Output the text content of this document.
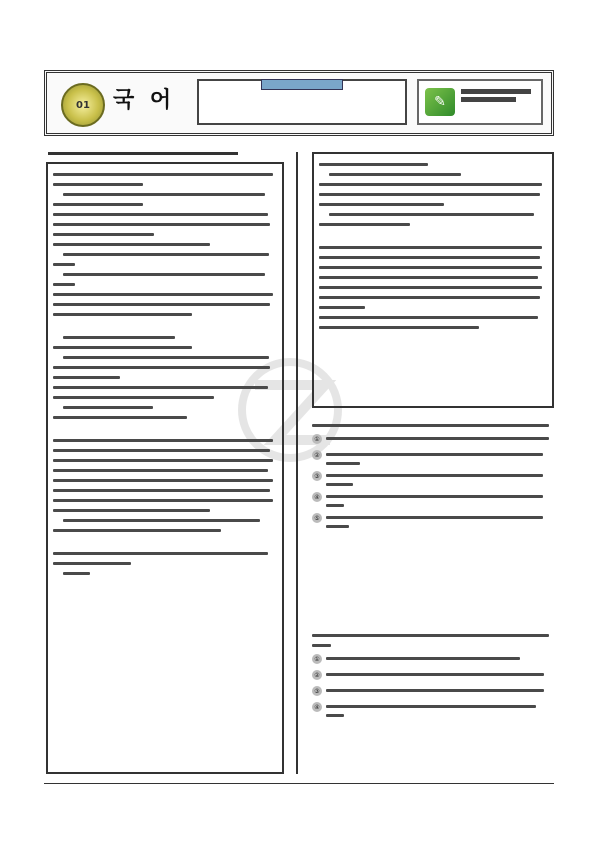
01	국 어	✎
①
②
③
④
⑤
①
②
③
④
